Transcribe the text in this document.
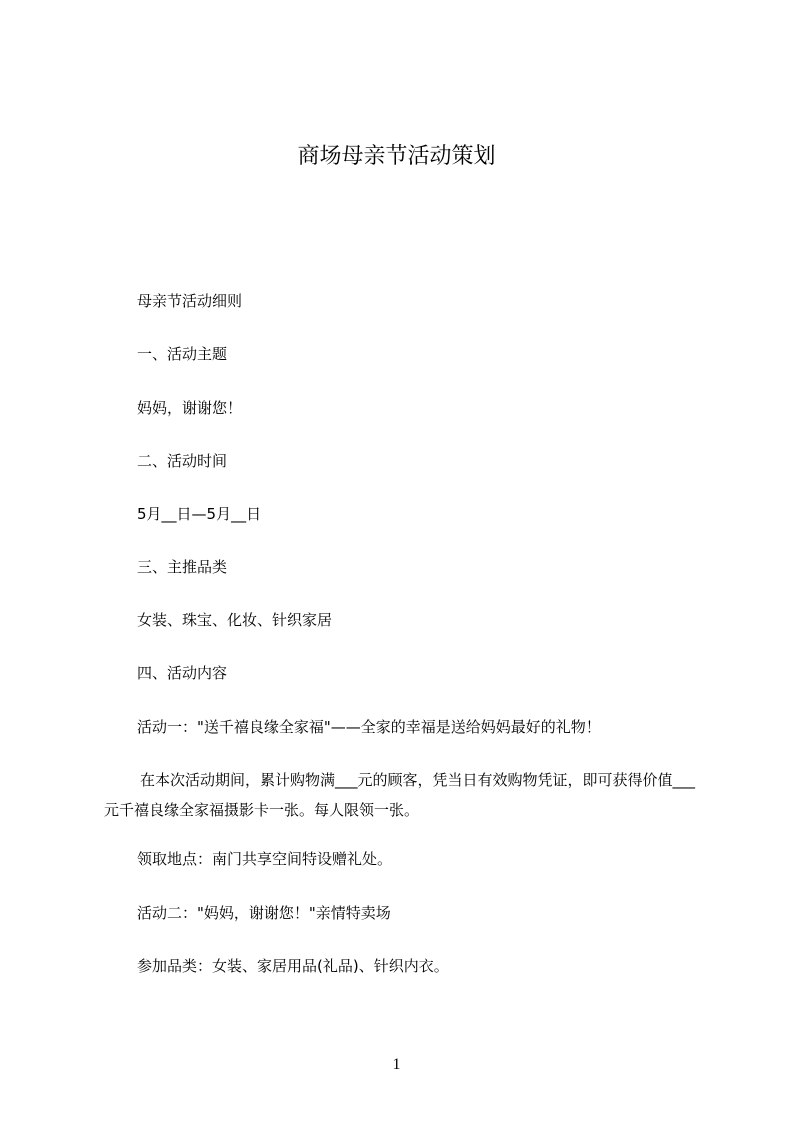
商场母亲节活动策划
母亲节活动细则
一、活动主题
妈妈，谢谢您！
二、活动时间
5月__日—5月__日
三、主推品类
女装、珠宝、化妆、针织家居
四、活动内容
活动一："送千禧良缘全家福"——全家的幸福是送给妈妈最好的礼物！
在本次活动期间，累计购物满___元的顾客，凭当日有效购物凭证，即可获得价值___元千禧良缘全家福摄影卡一张。每人限领一张。
领取地点：南门共享空间特设赠礼处。
活动二："妈妈，谢谢您！"亲情特卖场
参加品类：女装、家居用品(礼品)、针织内衣。
1
